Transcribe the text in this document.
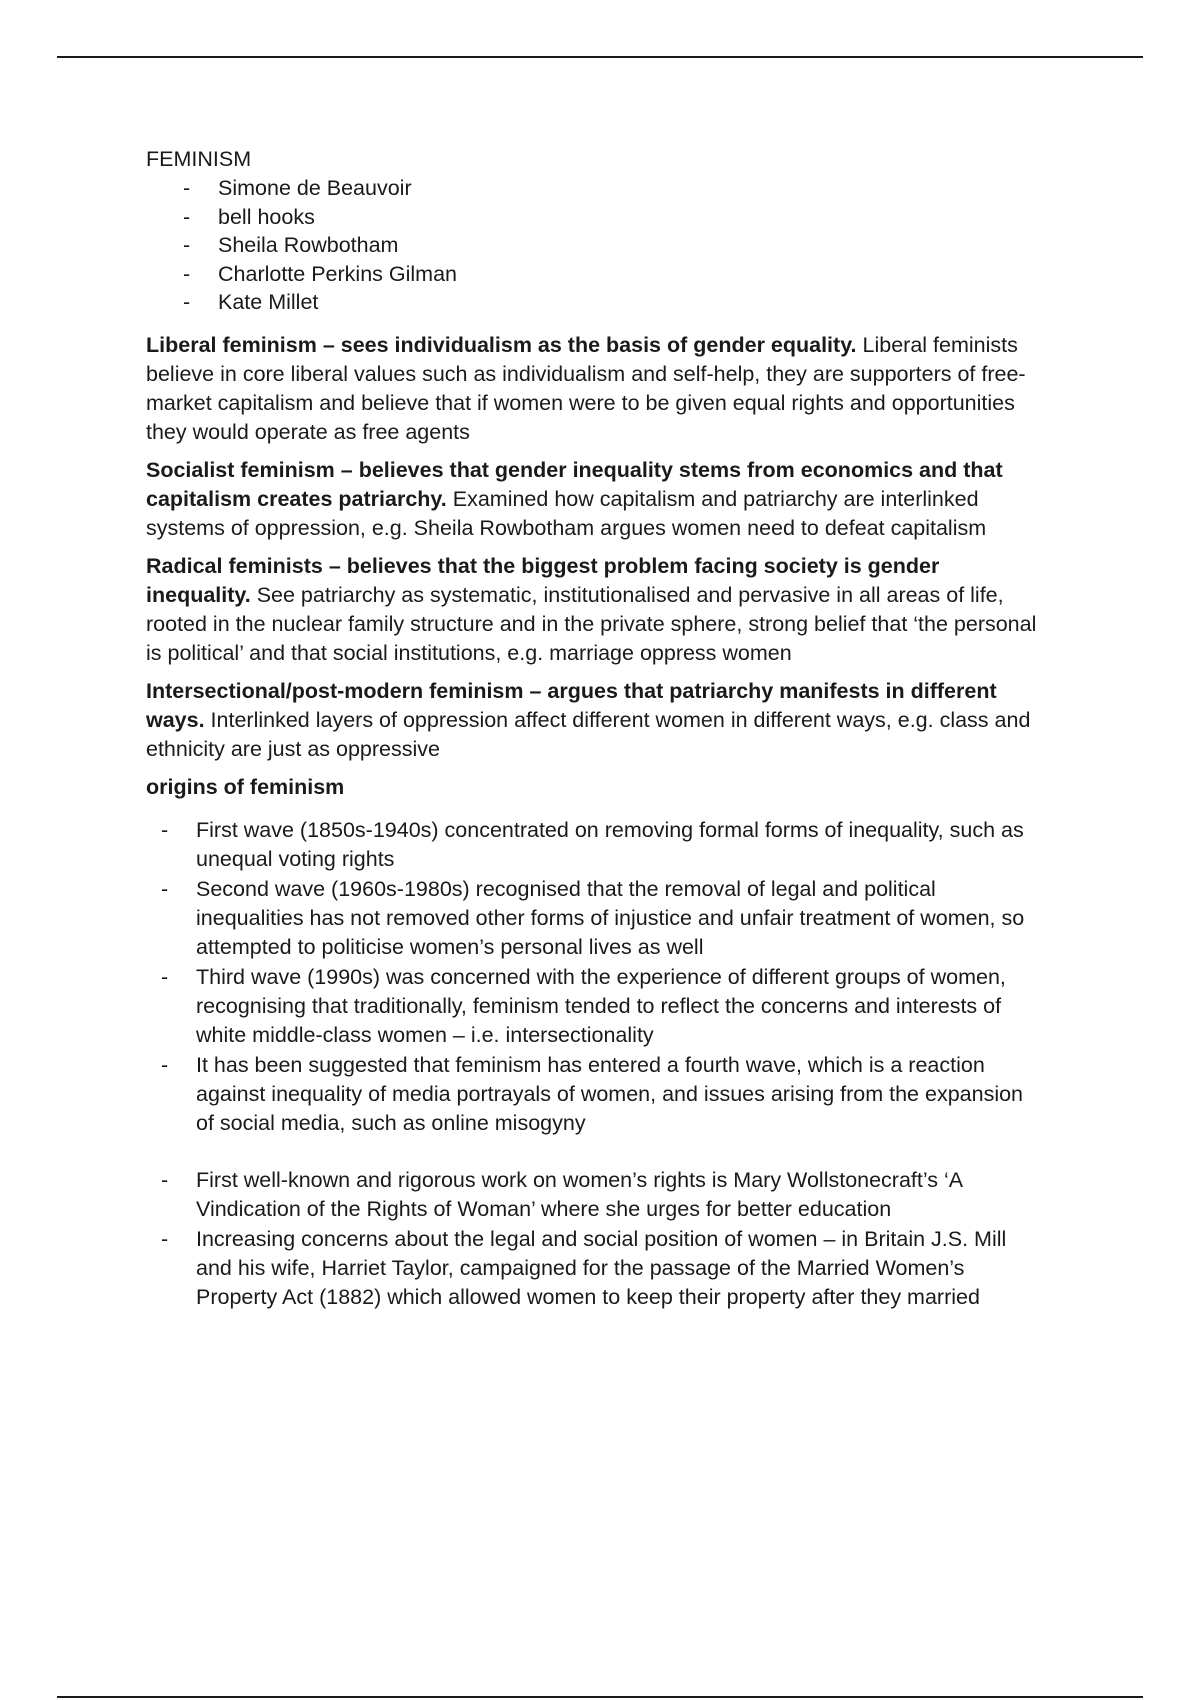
FEMINISM
- Simone de Beauvoir
- bell hooks
- Sheila Rowbotham
- Charlotte Perkins Gilman
- Kate Millet

Liberal feminism – sees individualism as the basis of gender equality. Liberal feminists believe in core liberal values such as individualism and self-help, they are supporters of free-market capitalism and believe that if women were to be given equal rights and opportunities they would operate as free agents

Socialist feminism – believes that gender inequality stems from economics and that capitalism creates patriarchy. Examined how capitalism and patriarchy are interlinked systems of oppression, e.g. Sheila Rowbotham argues women need to defeat capitalism

Radical feminists – believes that the biggest problem facing society is gender inequality. See patriarchy as systematic, institutionalised and pervasive in all areas of life, rooted in the nuclear family structure and in the private sphere, strong belief that ‘the personal is political’ and that social institutions, e.g. marriage oppress women

Intersectional/post-modern feminism – argues that patriarchy manifests in different ways. Interlinked layers of oppression affect different women in different ways, e.g. class and ethnicity are just as oppressive

origins of feminism

- First wave (1850s-1940s) concentrated on removing formal forms of inequality, such as unequal voting rights
- Second wave (1960s-1980s) recognised that the removal of legal and political inequalities has not removed other forms of injustice and unfair treatment of women, so attempted to politicise women’s personal lives as well
- Third wave (1990s) was concerned with the experience of different groups of women, recognising that traditionally, feminism tended to reflect the concerns and interests of white middle-class women – i.e. intersectionality
- It has been suggested that feminism has entered a fourth wave, which is a reaction against inequality of media portrayals of women, and issues arising from the expansion of social media, such as online misogyny
- First well-known and rigorous work on women’s rights is Mary Wollstonecraft’s ‘A Vindication of the Rights of Woman’ where she urges for better education
- Increasing concerns about the legal and social position of women – in Britain J.S. Mill and his wife, Harriet Taylor, campaigned for the passage of the Married Women’s Property Act (1882) which allowed women to keep their property after they married
